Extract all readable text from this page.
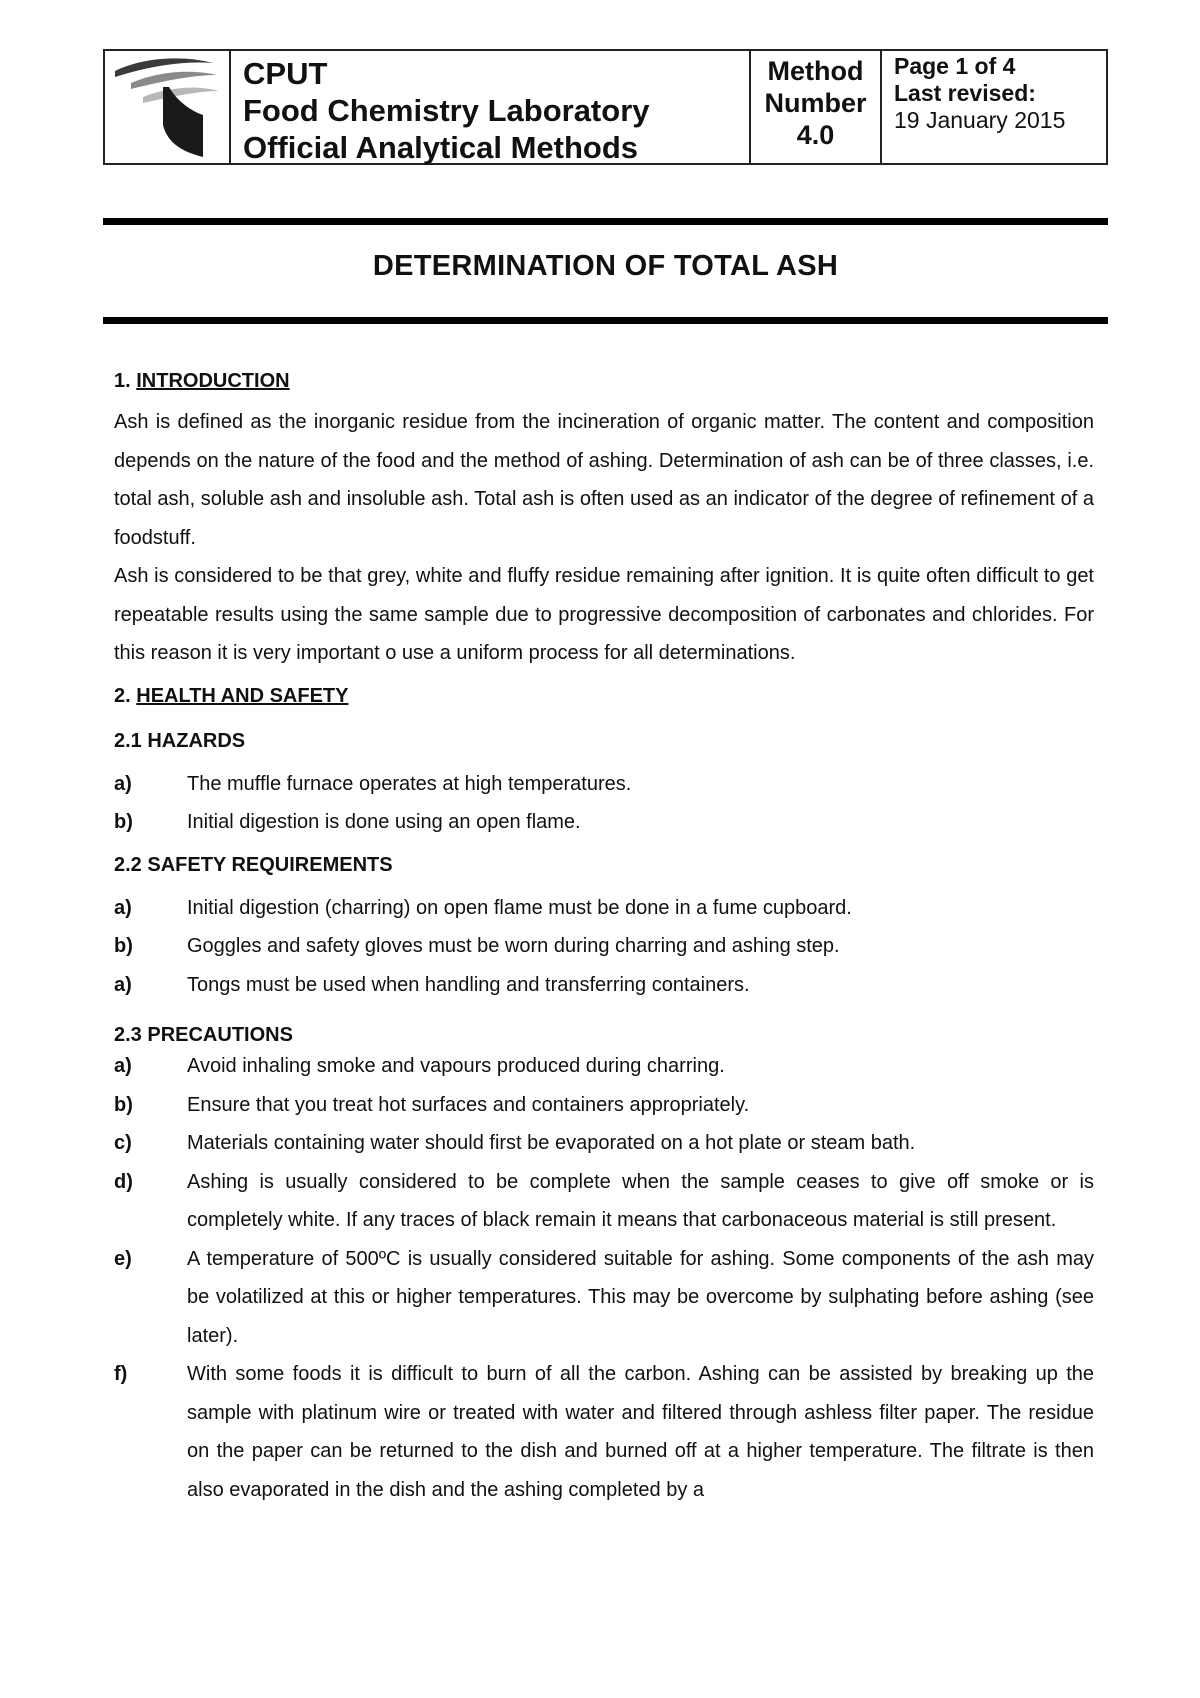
CPUT
Food Chemistry Laboratory
Official Analytical Methods
Method
Number
4.0
Page 1 of 4
Last revised:
19 January 2015
DETERMINATION OF TOTAL ASH
1. INTRODUCTION

Ash is defined as the inorganic residue from the incineration of organic matter. The content and composition depends on the nature of the food and the method of ashing. Determination of ash can be of three classes, i.e. total ash, soluble ash and insoluble ash. Total ash is often used as an indicator of the degree of refinement of a foodstuff.

Ash is considered to be that grey, white and fluffy residue remaining after ignition. It is quite often difficult to get repeatable results using the same sample due to progressive decomposition of carbonates and chlorides. For this reason it is very important o use a uniform process for all determinations.

2. HEALTH AND SAFETY
2.1 HAZARDS
a)	The muffle furnace operates at high temperatures.
b)	Initial digestion is done using an open flame.
2.2 SAFETY REQUIREMENTS
a)	Initial digestion (charring) on open flame must be done in a fume cupboard.
b)	Goggles and safety gloves must be worn during charring and ashing step.
a)	Tongs must be used when handling and transferring containers.
2.3 PRECAUTIONS
a)	Avoid inhaling smoke and vapours produced during charring.
b)	Ensure that you treat hot surfaces and containers appropriately.
c)	Materials containing water should first be evaporated on a hot plate or steam bath.
d)	Ashing is usually considered to be complete when the sample ceases to give off smoke or is completely white. If any traces of black remain it means that carbonaceous material is still present.
e)	A temperature of 500ºC is usually considered suitable for ashing. Some components of the ash may be volatilized at this or higher temperatures. This may be overcome by sulphating before ashing (see later).
f)	With some foods it is difficult to burn of all the carbon. Ashing can be assisted by breaking up the sample with platinum wire or treated with water and filtered through ashless filter paper. The residue on the paper can be returned to the dish and burned off at a higher temperature. The filtrate is then also evaporated in the dish and the ashing completed by a
